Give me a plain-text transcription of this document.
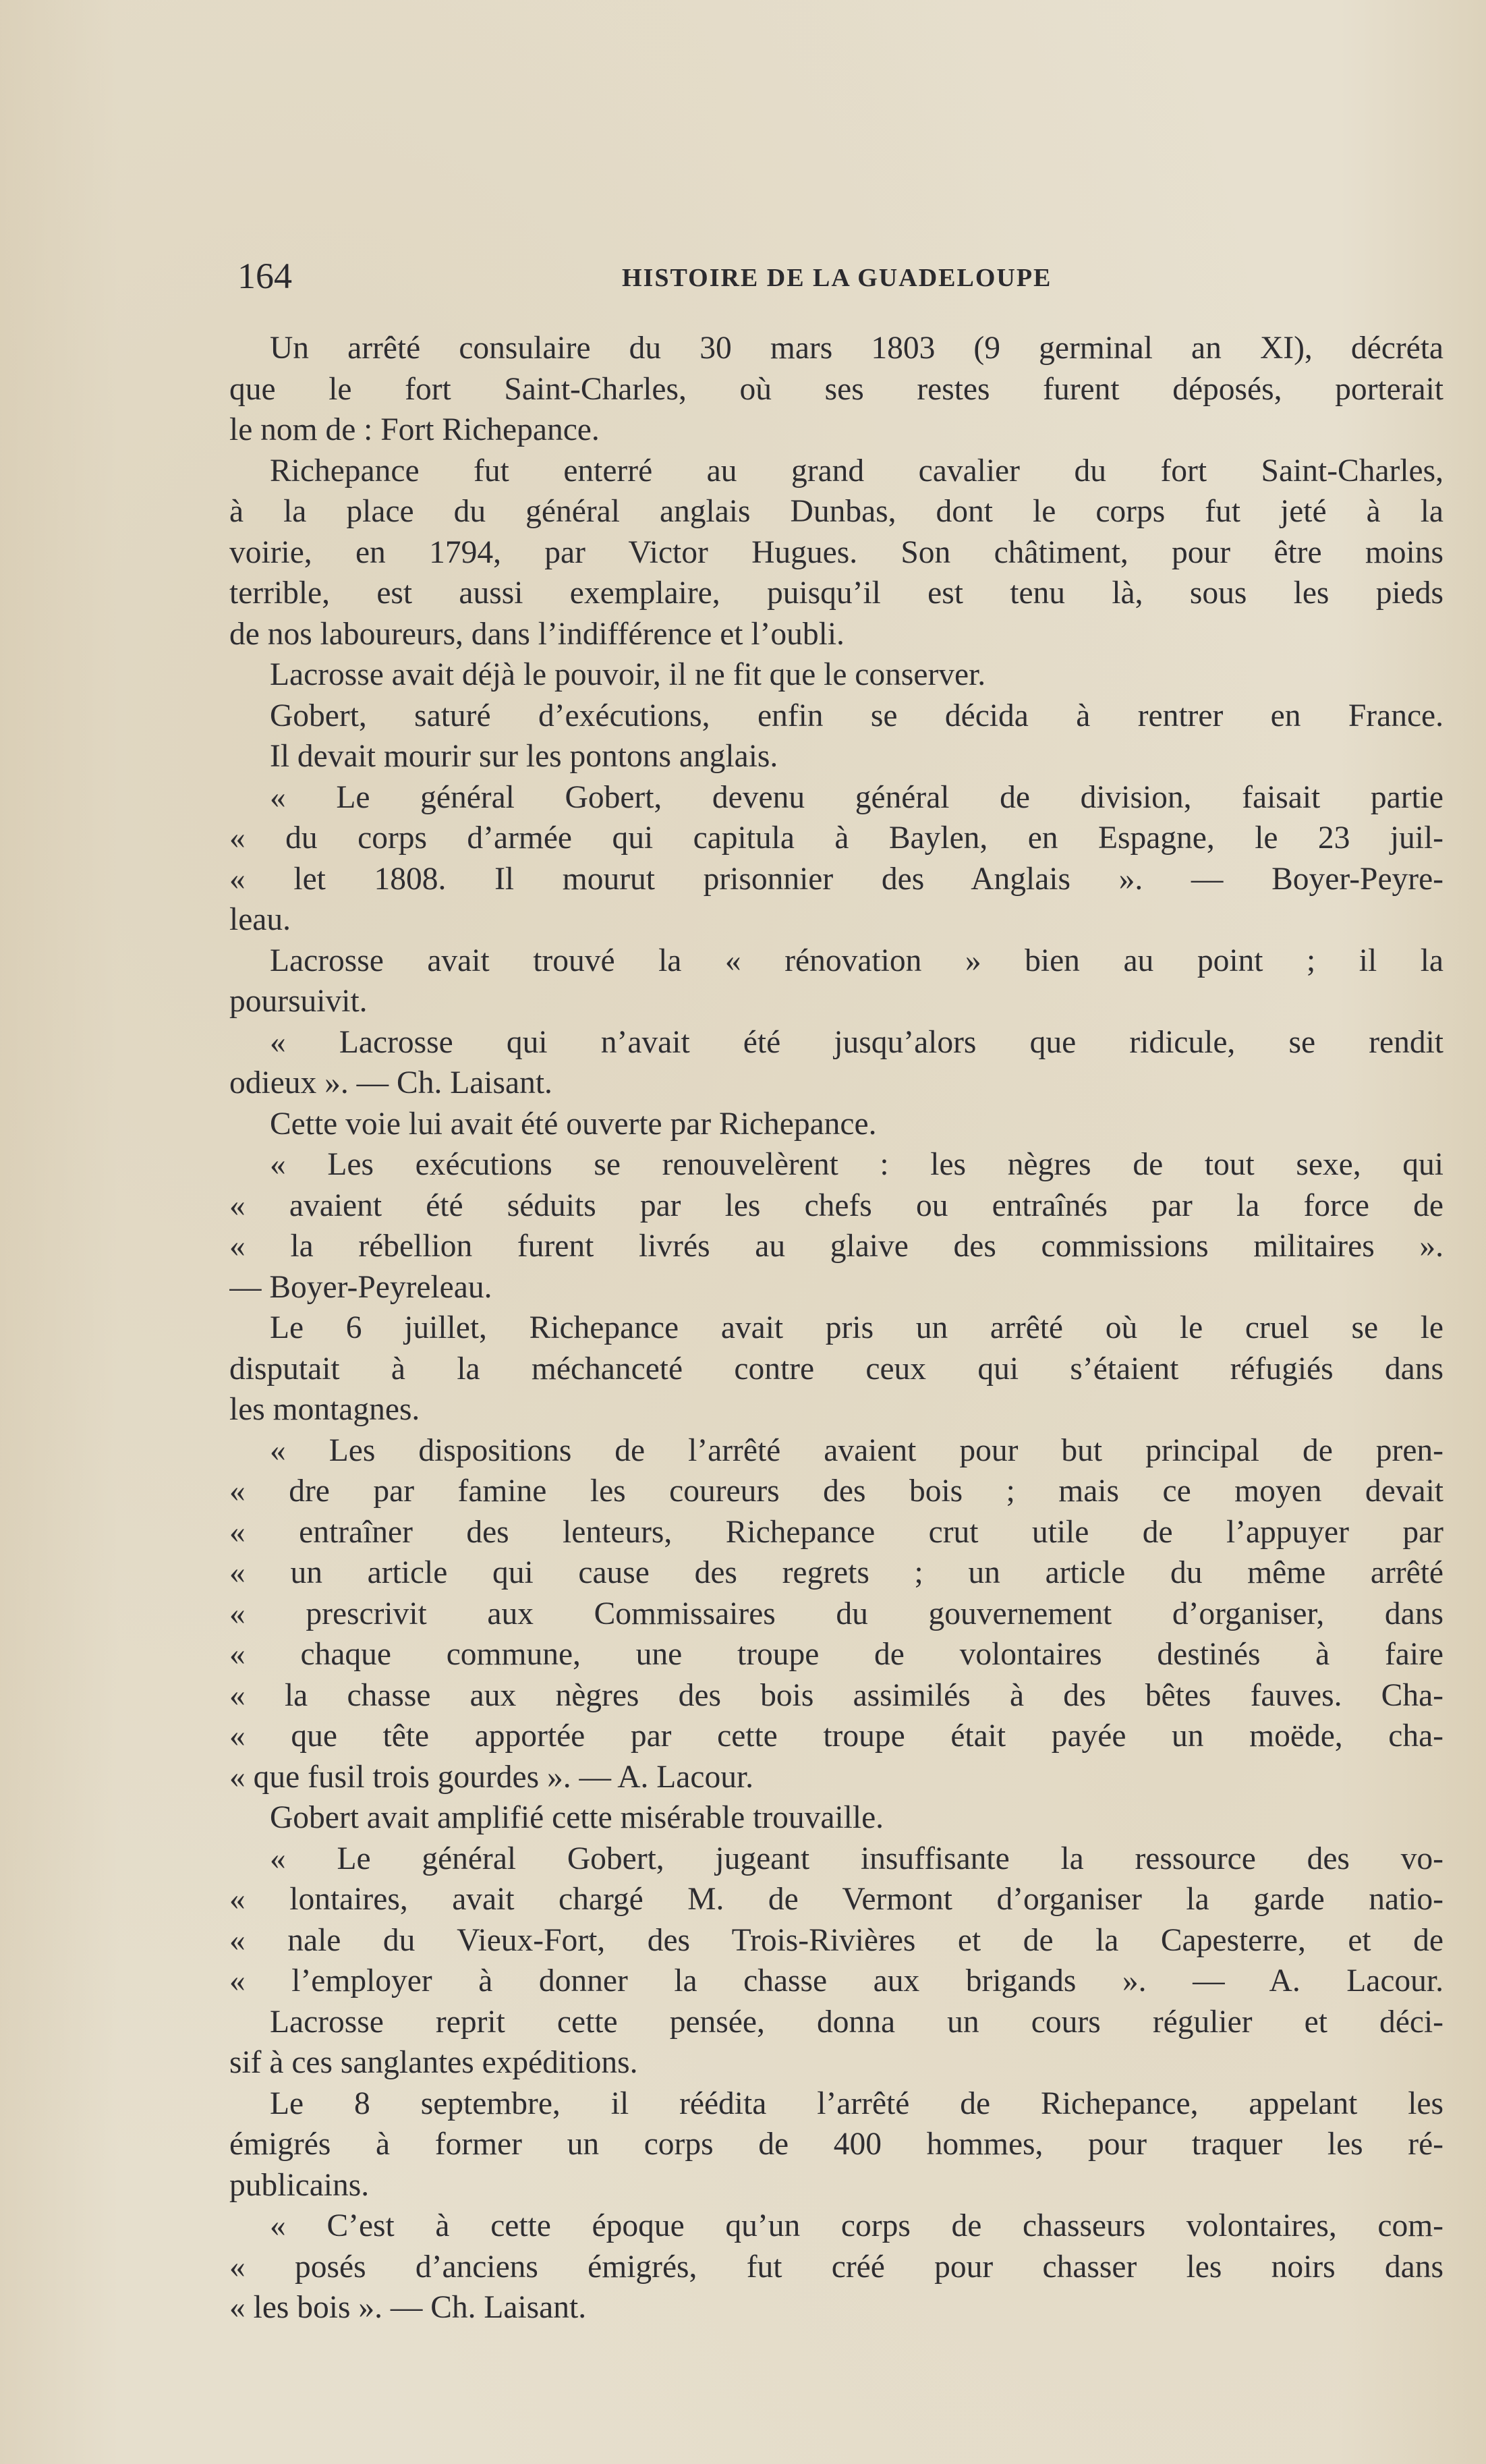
164	HISTOIRE DE LA GUADELOUPE
Un arrêté consulaire du 30 mars 1803 (9 germinal an XI), décréta
que le fort Saint-Charles, où ses restes furent déposés, porterait
le nom de : Fort Richepance.
Richepance fut enterré au grand cavalier du fort Saint-Charles,
à la place du général anglais Dunbas, dont le corps fut jeté à la
voirie, en 1794, par Victor Hugues. Son châtiment, pour être moins
terrible, est aussi exemplaire, puisqu’il est tenu là, sous les pieds
de nos laboureurs, dans l’indifférence et l’oubli.
Lacrosse avait déjà le pouvoir, il ne fit que le conserver.
Gobert, saturé d’exécutions, enfin se décida à rentrer en France.
Il devait mourir sur les pontons anglais.
« Le général Gobert, devenu général de division, faisait partie
« du corps d’armée qui capitula à Baylen, en Espagne, le 23 juil-
« let 1808. Il mourut prisonnier des Anglais ». — Boyer-Peyre-
leau.
Lacrosse avait trouvé la « rénovation » bien au point ; il la
poursuivit.
« Lacrosse qui n’avait été jusqu’alors que ridicule, se rendit
odieux ». — Ch. Laisant.
Cette voie lui avait été ouverte par Richepance.
« Les exécutions se renouvelèrent : les nègres de tout sexe, qui
« avaient été séduits par les chefs ou entraînés par la force de
« la rébellion furent livrés au glaive des commissions militaires ».
— Boyer-Peyreleau.
Le 6 juillet, Richepance avait pris un arrêté où le cruel se le
disputait à la méchanceté contre ceux qui s’étaient réfugiés dans
les montagnes.
« Les dispositions de l’arrêté avaient pour but principal de pren-
« dre par famine les coureurs des bois ; mais ce moyen devait
« entraîner des lenteurs, Richepance crut utile de l’appuyer par
« un article qui cause des regrets ; un article du même arrêté
« prescrivit aux Commissaires du gouvernement d’organiser, dans
« chaque commune, une troupe de volontaires destinés à faire
« la chasse aux nègres des bois assimilés à des bêtes fauves. Cha-
« que tête apportée par cette troupe était payée un moëde, cha-
« que fusil trois gourdes ». — A. Lacour.
Gobert avait amplifié cette misérable trouvaille.
« Le général Gobert, jugeant insuffisante la ressource des vo-
« lontaires, avait chargé M. de Vermont d’organiser la garde natio-
« nale du Vieux-Fort, des Trois-Rivières et de la Capesterre, et de
« l’employer à donner la chasse aux brigands ». — A. Lacour.
Lacrosse reprit cette pensée, donna un cours régulier et déci-
sif à ces sanglantes expéditions.
Le 8 septembre, il réédita l’arrêté de Richepance, appelant les
émigrés à former un corps de 400 hommes, pour traquer les ré-
publicains.
« C’est à cette époque qu’un corps de chasseurs volontaires, com-
« posés d’anciens émigrés, fut créé pour chasser les noirs dans
« les bois ». — Ch. Laisant.
